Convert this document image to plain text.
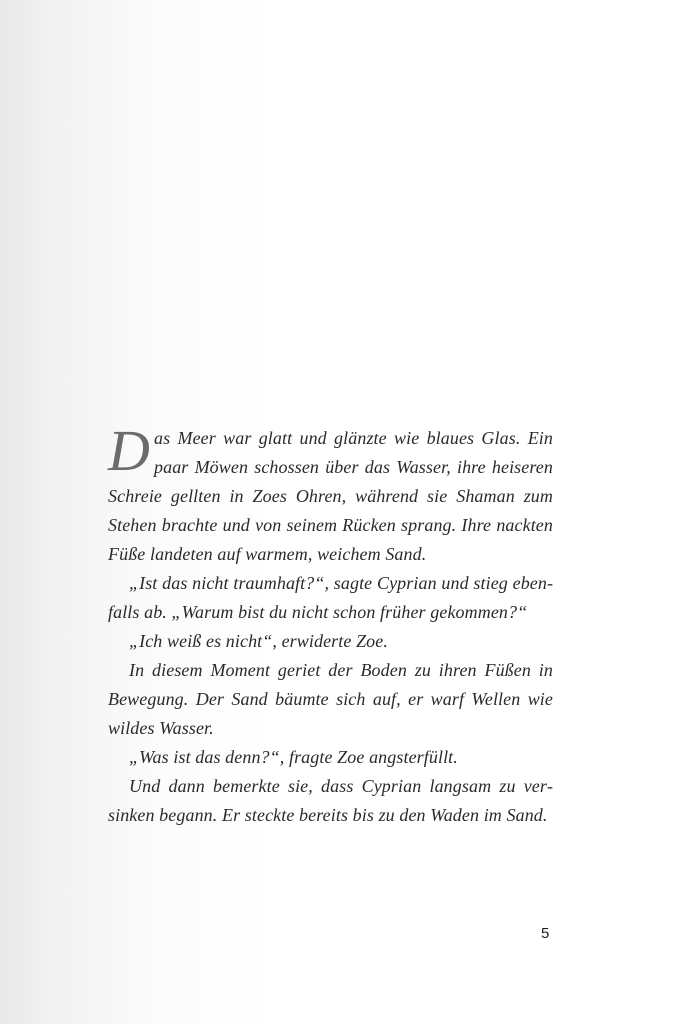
Das Meer war glatt und glänzte wie blaues Glas. Ein paar Möwen schossen über das Wasser, ihre heiseren Schreie gellten in Zoes Ohren, während sie Shaman zum Stehen brachte und von seinem Rücken sprang. Ihre nackten Füße landeten auf warmem, weichem Sand.

„Ist das nicht traumhaft?“, sagte Cyprian und stieg ebenfalls ab. „Warum bist du nicht schon früher gekommen?“

„Ich weiß es nicht“, erwiderte Zoe.

In diesem Moment geriet der Boden zu ihren Füßen in Bewegung. Der Sand bäumte sich auf, er warf Wellen wie wildes Wasser.

„Was ist das denn?“, fragte Zoe angsterfüllt.

Und dann bemerkte sie, dass Cyprian langsam zu versinken begann. Er steckte bereits bis zu den Waden im Sand.

5
